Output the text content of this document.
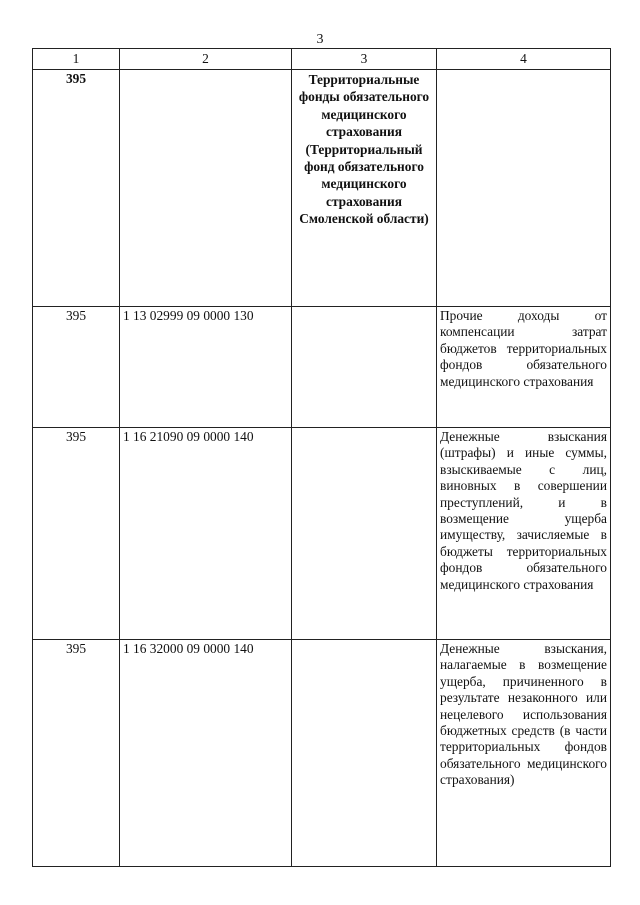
3
1	2	3	4
395		Территориальные фонды обязательного медицинского страхования (Территориальный фонд обязательного медицинского страхования Смоленской области)	
395	1 13 02999 09 0000 130		Прочие доходы от компенсации затрат бюджетов территориальных фондов обязательного медицинского страхования
395	1 16 21090 09 0000 140		Денежные взыскания (штрафы) и иные суммы, взыскиваемые с лиц, виновных в совершении преступлений, и в возмещение ущерба имуществу, зачисляемые в бюджеты территориальных фондов обязательного медицинского страхования
395	1 16 32000 09 0000 140		Денежные взыскания, налагаемые в возмещение ущерба, причиненного в результате незаконного или нецелевого использования бюджетных средств (в части территориальных фондов обязательного медицинского страхования)
